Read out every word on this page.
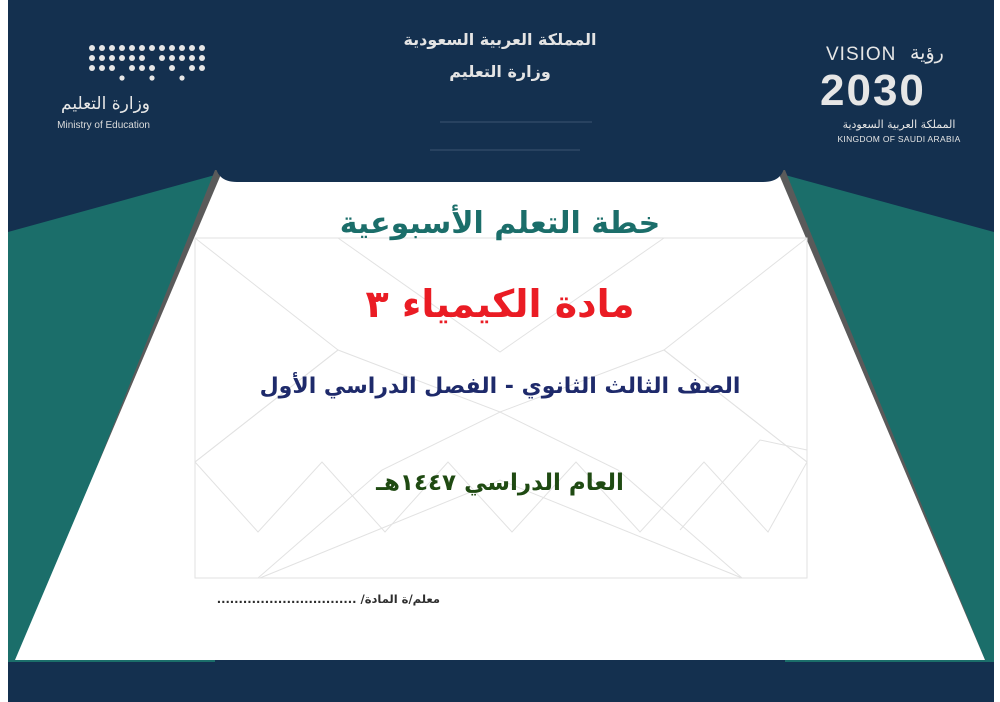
المملكة العربية السعودية
وزارة التعليم
وزارة التعليم
Ministry of Education
VISION رؤية
2030
المملكة العربية السعودية
KINGDOM OF SAUDI ARABIA
خطة التعلم الأسبوعية
مادة الكيمياء ٣
الصف الثالث الثانوي - الفصل الدراسي الأول
العام الدراسي ١٤٤٧هـ
معلم/ة المادة/ ................................
